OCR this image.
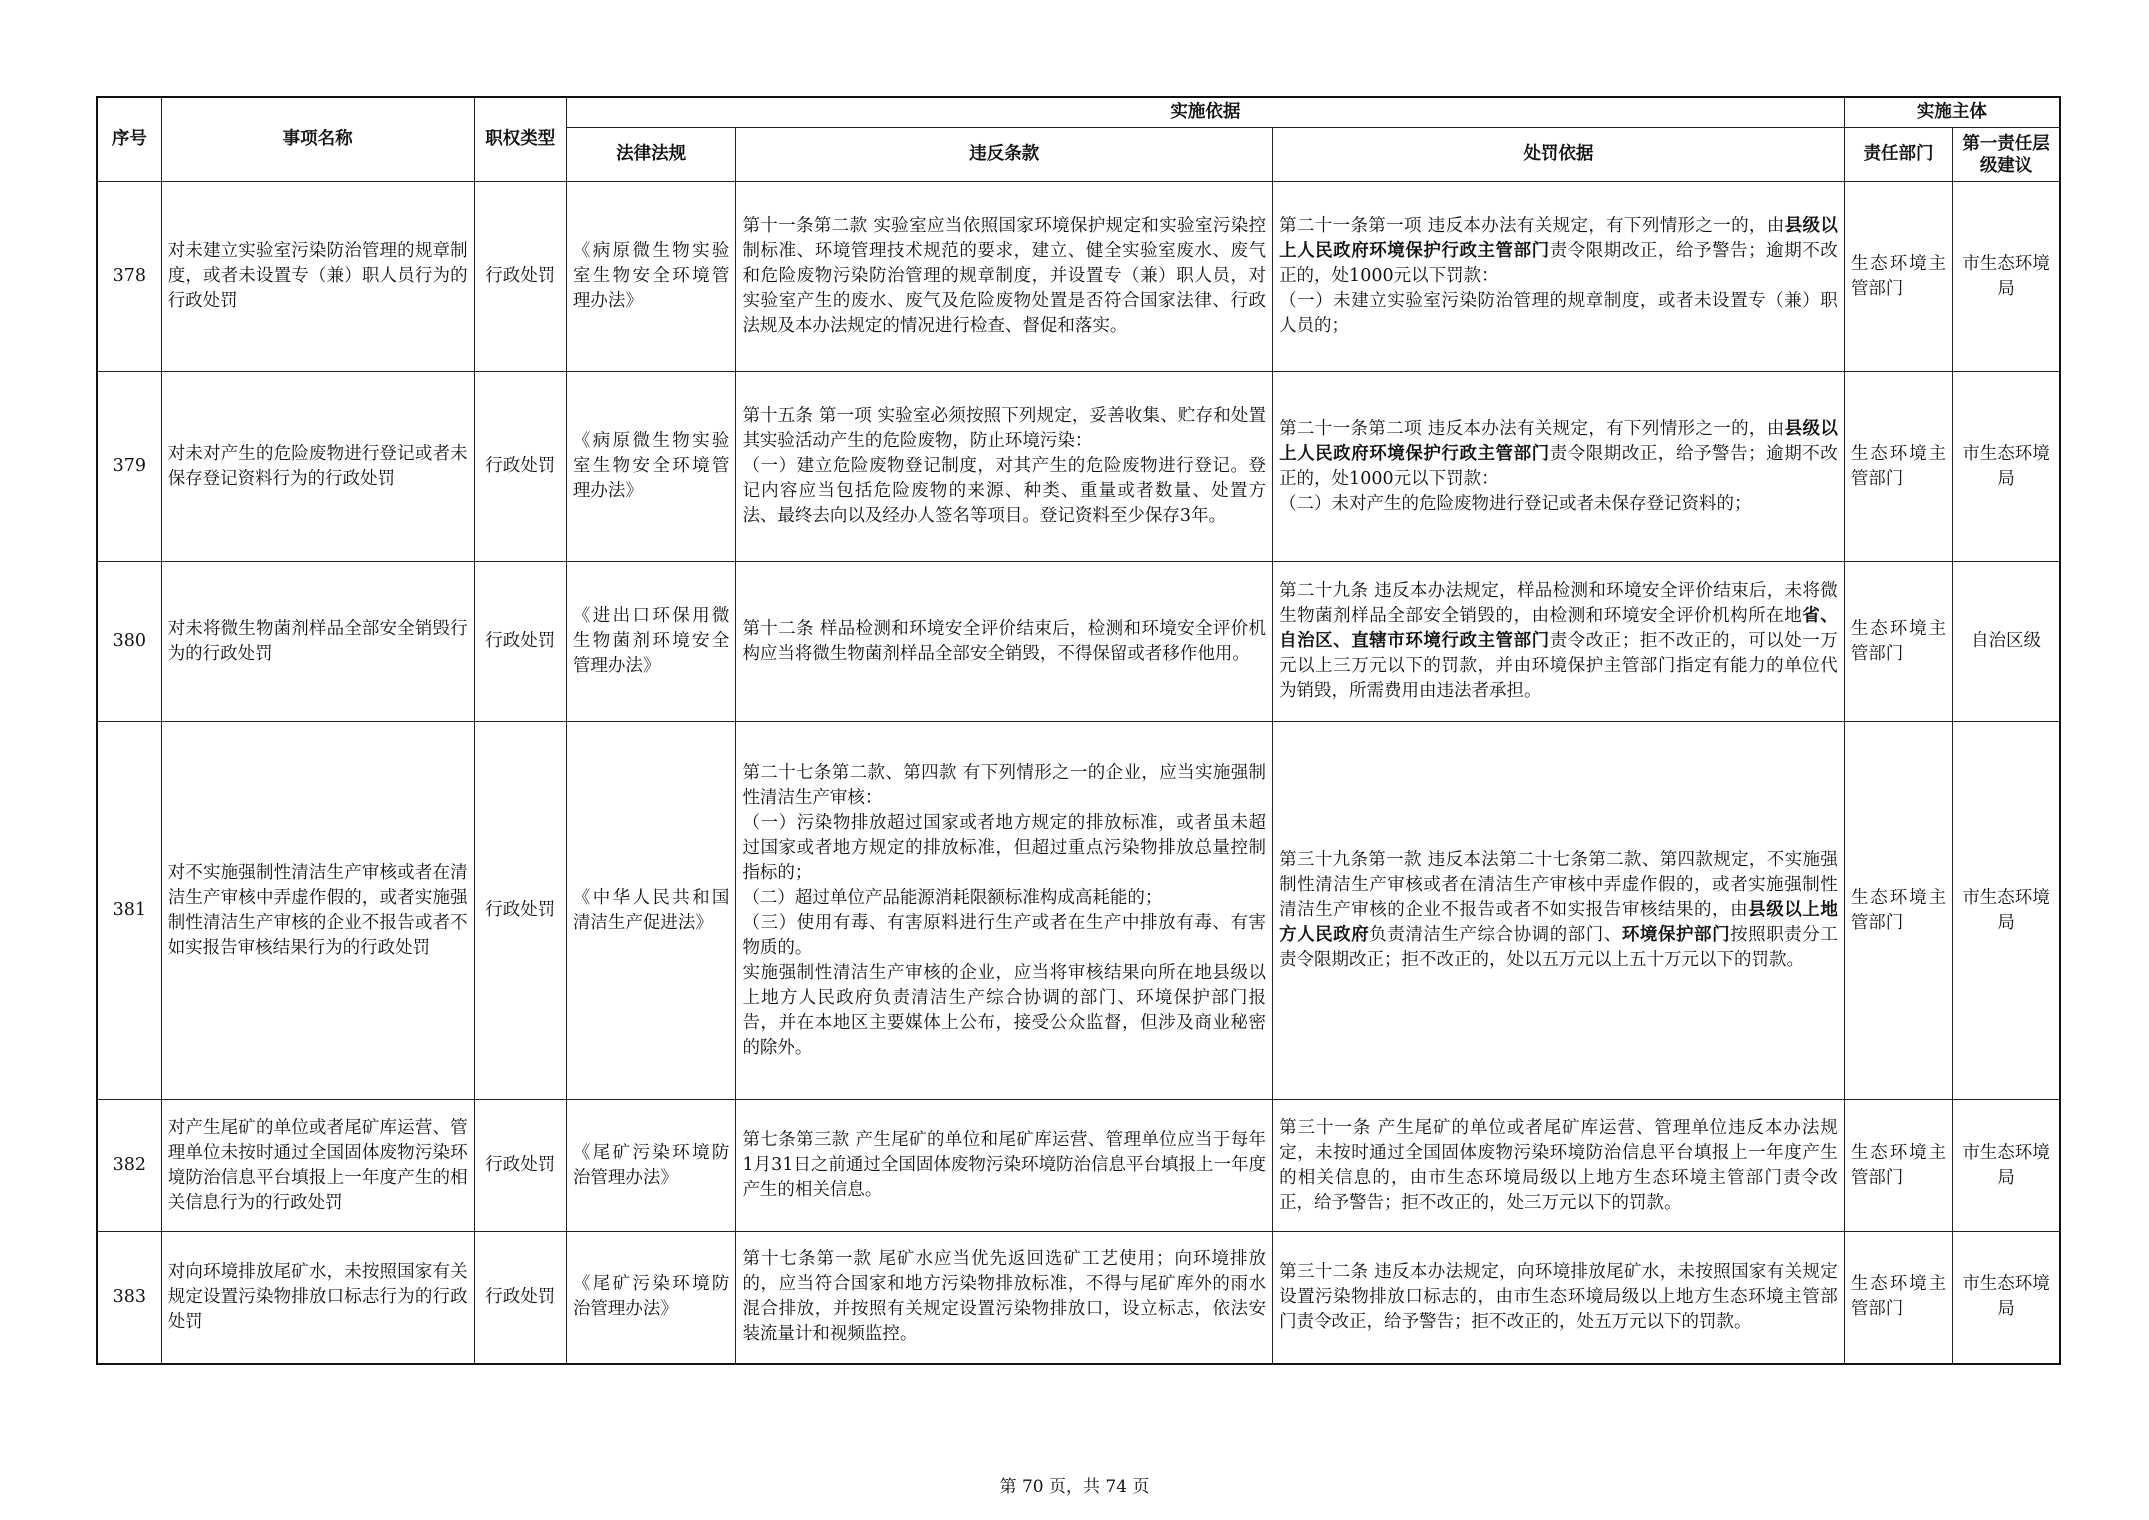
序号	事项名称	职权类型	实施依据			实施主体	
			法律法规	违反条款	处罚依据	责任部门	第一责任层级建议
378	对未建立实验室污染防治管理的规章制度，或者未设置专（兼）职人员行为的行政处罚	行政处罚	《病原微生物实验室生物安全环境管理办法》	第十一条第二款 实验室应当依照国家环境保护规定和实验室污染控制标准、环境管理技术规范的要求，建立、健全实验室废水、废气和危险废物污染防治管理的规章制度，并设置专（兼）职人员，对实验室产生的废水、废气及危险废物处置是否符合国家法律、行政法规及本办法规定的情况进行检查、督促和落实。	第二十一条第一项 违反本办法有关规定，有下列情形之一的，由县级以上人民政府环境保护行政主管部门责令限期改正，给予警告；逾期不改正的，处1000元以下罚款：
（一）未建立实验室污染防治管理的规章制度，或者未设置专（兼）职人员的；	生态环境主管部门	市生态环境局
379	对未对产生的危险废物进行登记或者未保存登记资料行为的行政处罚	行政处罚	《病原微生物实验室生物安全环境管理办法》	第十五条 第一项 实验室必须按照下列规定，妥善收集、贮存和处置其实验活动产生的危险废物，防止环境污染：
（一）建立危险废物登记制度，对其产生的危险废物进行登记。登记内容应当包括危险废物的来源、种类、重量或者数量、处置方法、最终去向以及经办人签名等项目。登记资料至少保存3年。	第二十一条第二项 违反本办法有关规定，有下列情形之一的，由县级以上人民政府环境保护行政主管部门责令限期改正，给予警告；逾期不改正的，处1000元以下罚款：
（二）未对产生的危险废物进行登记或者未保存登记资料的；	生态环境主管部门	市生态环境局
380	对未将微生物菌剂样品全部安全销毁行为的行政处罚	行政处罚	《进出口环保用微生物菌剂环境安全管理办法》	第十二条 样品检测和环境安全评价结束后，检测和环境安全评价机构应当将微生物菌剂样品全部安全销毁，不得保留或者移作他用。	第二十九条 违反本办法规定，样品检测和环境安全评价结束后，未将微生物菌剂样品全部安全销毁的，由检测和环境安全评价机构所在地省、自治区、直辖市环境行政主管部门责令改正；拒不改正的，可以处一万元以上三万元以下的罚款，并由环境保护主管部门指定有能力的单位代为销毁，所需费用由违法者承担。	生态环境主管部门	自治区级
381	对不实施强制性清洁生产审核或者在清洁生产审核中弄虚作假的，或者实施强制性清洁生产审核的企业不报告或者不如实报告审核结果行为的行政处罚	行政处罚	《中华人民共和国清洁生产促进法》	第二十七条第二款、第四款 有下列情形之一的企业，应当实施强制性清洁生产审核：
（一）污染物排放超过国家或者地方规定的排放标准，或者虽未超过国家或者地方规定的排放标准，但超过重点污染物排放总量控制指标的；
（二）超过单位产品能源消耗限额标准构成高耗能的；
（三）使用有毒、有害原料进行生产或者在生产中排放有毒、有害物质的。
实施强制性清洁生产审核的企业，应当将审核结果向所在地县级以上地方人民政府负责清洁生产综合协调的部门、环境保护部门报告，并在本地区主要媒体上公布，接受公众监督，但涉及商业秘密的除外。	第三十九条第一款 违反本法第二十七条第二款、第四款规定，不实施强制性清洁生产审核或者在清洁生产审核中弄虚作假的，或者实施强制性清洁生产审核的企业不报告或者不如实报告审核结果的，由县级以上地方人民政府负责清洁生产综合协调的部门、环境保护部门按照职责分工责令限期改正；拒不改正的，处以五万元以上五十万元以下的罚款。	生态环境主管部门	市生态环境局
382	对产生尾矿的单位或者尾矿库运营、管理单位未按时通过全国固体废物污染环境防治信息平台填报上一年度产生的相关信息行为的行政处罚	行政处罚	《尾矿污染环境防治管理办法》	第七条第三款 产生尾矿的单位和尾矿库运营、管理单位应当于每年1月31日之前通过全国固体废物污染环境防治信息平台填报上一年度产生的相关信息。	第三十一条 产生尾矿的单位或者尾矿库运营、管理单位违反本办法规定，未按时通过全国固体废物污染环境防治信息平台填报上一年度产生的相关信息的，由市生态环境局级以上地方生态环境主管部门责令改正，给予警告；拒不改正的，处三万元以下的罚款。	生态环境主管部门	市生态环境局
383	对向环境排放尾矿水，未按照国家有关规定设置污染物排放口标志行为的行政处罚	行政处罚	《尾矿污染环境防治管理办法》	第十七条第一款 尾矿水应当优先返回选矿工艺使用；向环境排放的，应当符合国家和地方污染物排放标准，不得与尾矿库外的雨水混合排放，并按照有关规定设置污染物排放口，设立标志，依法安装流量计和视频监控。	第三十二条 违反本办法规定，向环境排放尾矿水，未按照国家有关规定设置污染物排放口标志的，由市生态环境局级以上地方生态环境主管部门责令改正，给予警告；拒不改正的，处五万元以下的罚款。	生态环境主管部门	市生态环境局
第 70 页，共 74 页
